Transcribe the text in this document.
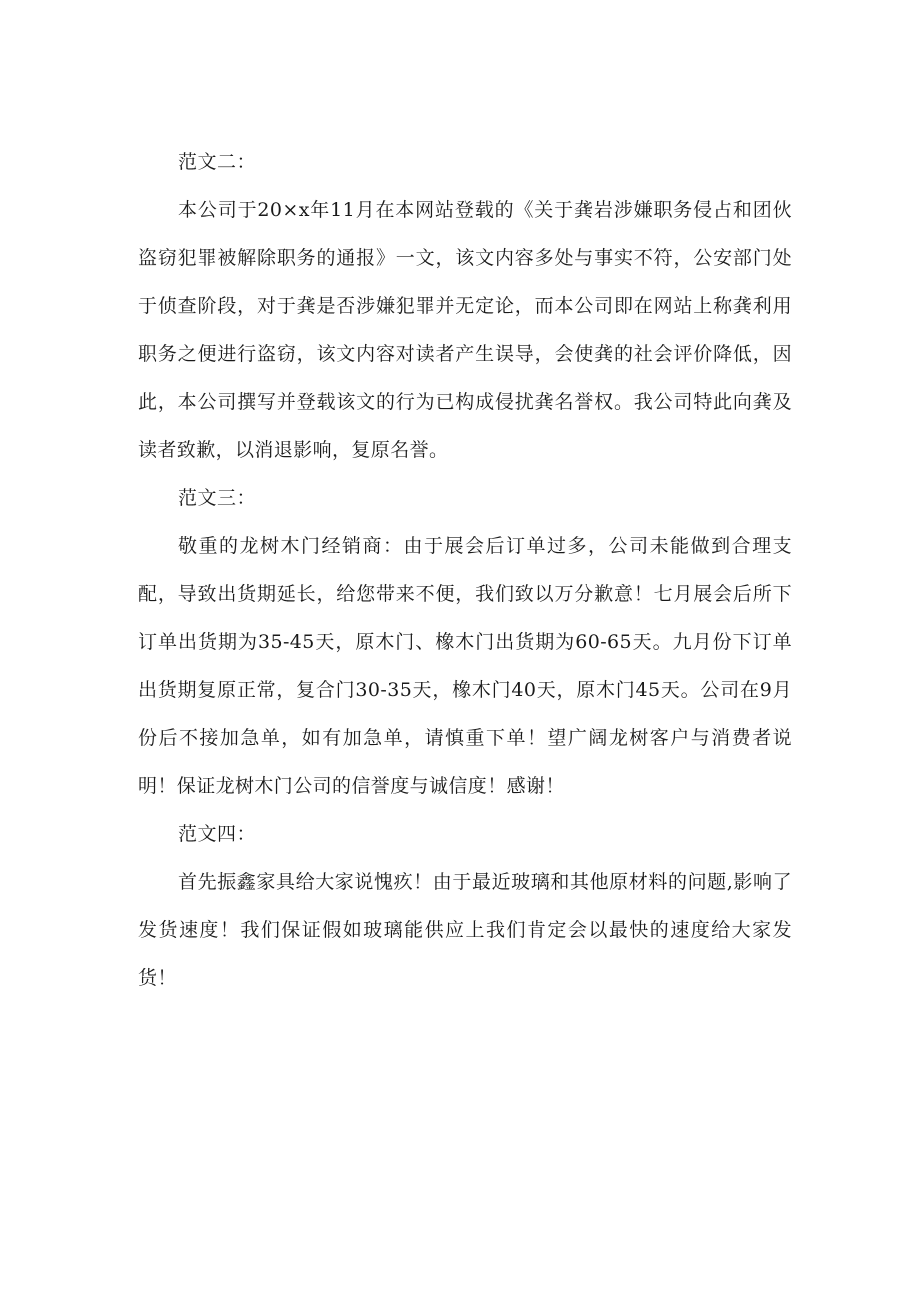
范文二：

本公司于20×x年11月在本网站登载的《关于龚岩涉嫌职务侵占和团伙盗窃犯罪被解除职务的通报》一文，该文内容多处与事实不符，公安部门处于侦查阶段，对于龚是否涉嫌犯罪并无定论，而本公司即在网站上称龚利用职务之便进行盗窃，该文内容对读者产生误导，会使龚的社会评价降低，因此，本公司撰写并登载该文的行为已构成侵扰龚名誉权。我公司特此向龚及读者致歉，以消退影响，复原名誉。

范文三：

敬重的龙树木门经销商：由于展会后订单过多，公司未能做到合理支配，导致出货期延长，给您带来不便，我们致以万分歉意！七月展会后所下订单出货期为35-45天，原木门、橡木门出货期为60-65天。九月份下订单出货期复原正常，复合门30-35天，橡木门40天，原木门45天。公司在9月份后不接加急单，如有加急单，请慎重下单！望广阔龙树客户与消费者说明！保证龙树木门公司的信誉度与诚信度！感谢！

范文四：

首先振鑫家具给大家说愧疚！由于最近玻璃和其他原材料的问题,影响了发货速度！我们保证假如玻璃能供应上我们肯定会以最快的速度给大家发货！
